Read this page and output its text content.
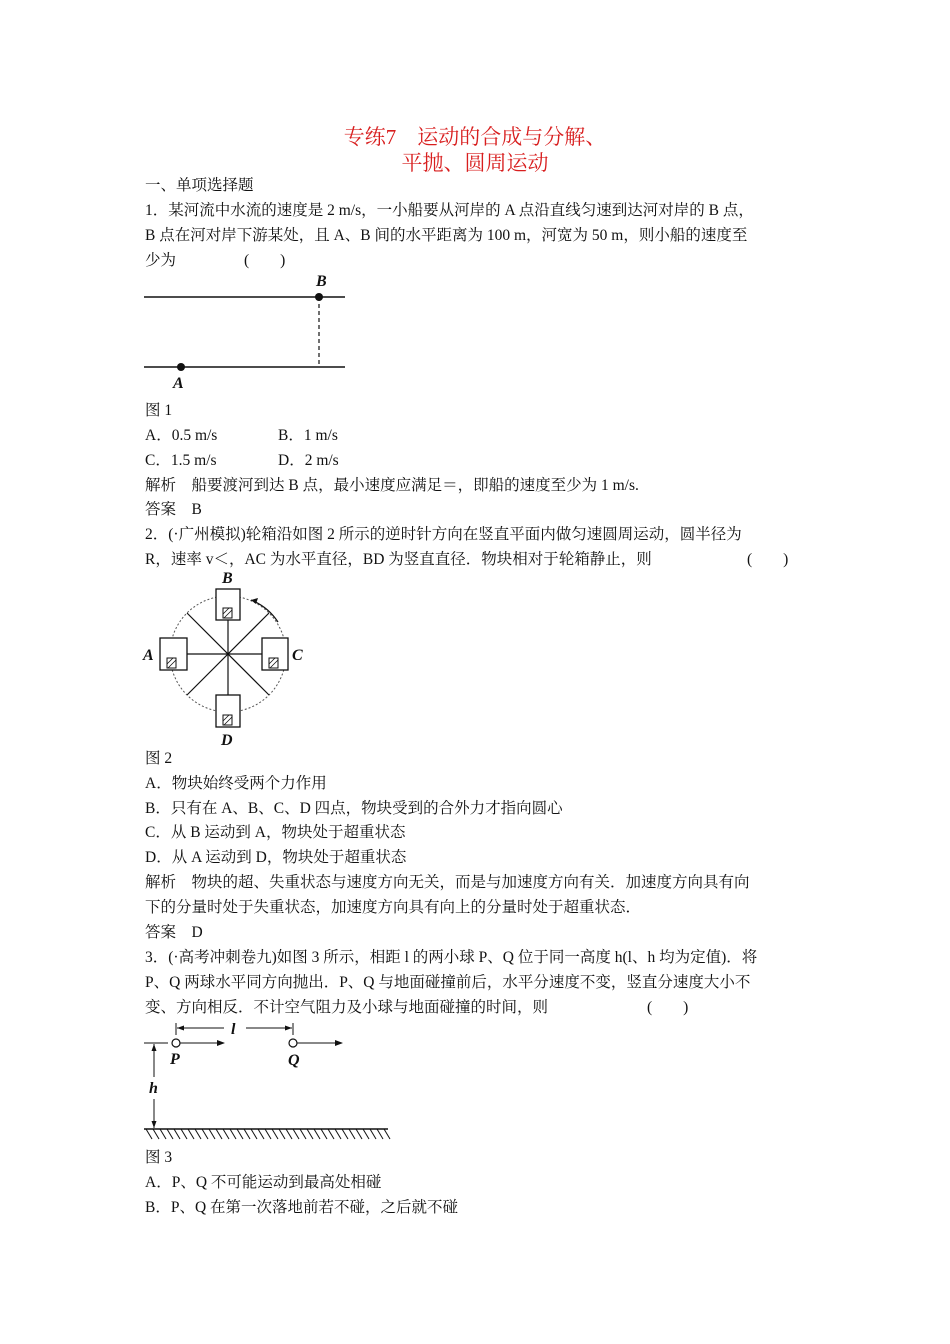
专练7　运动的合成与分解、
平抛、圆周运动
一、单项选择题
1．某河流中水流的速度是 2 m/s，一小船要从河岸的 A 点沿直线匀速到达河对岸的 B 点，
B 点在河对岸下游某处，且 A、B 间的水平距离为 100 m，河宽为 50 m，则小船的速度至
少为	(　　)
B
A
图 1
A．0.5 m/s	B．1 m/s
C．1.5 m/s	D．2 m/s
解析　船要渡河到达 B 点，最小速度应满足＝，即船的速度至少为 1 m/s.
答案　B
2．(·广州模拟)轮箱沿如图 2 所示的逆时针方向在竖直平面内做匀速圆周运动，圆半径为
R，速率 v＜，AC 为水平直径，BD 为竖直直径．物块相对于轮箱静止，则	(　　)
B
A	C
D
图 2
A．物块始终受两个力作用
B．只有在 A、B、C、D 四点，物块受到的合外力才指向圆心
C．从 B 运动到 A，物块处于超重状态
D．从 A 运动到 D，物块处于超重状态
解析　物块的超、失重状态与速度方向无关，而是与加速度方向有关．加速度方向具有向
下的分量时处于失重状态，加速度方向具有向上的分量时处于超重状态．
答案　D
3．(·高考冲刺卷九)如图 3 所示，相距 l 的两小球 P、Q 位于同一高度 h(l、h 均为定值)．将
P、Q 两球水平同方向抛出．P、Q 与地面碰撞前后，水平分速度不变，竖直分速度大小不
变、方向相反．不计空气阻力及小球与地面碰撞的时间，则	(　　)
l
h
P	Q
图 3
A．P、Q 不可能运动到最高处相碰
B．P、Q 在第一次落地前若不碰，之后就不碰
